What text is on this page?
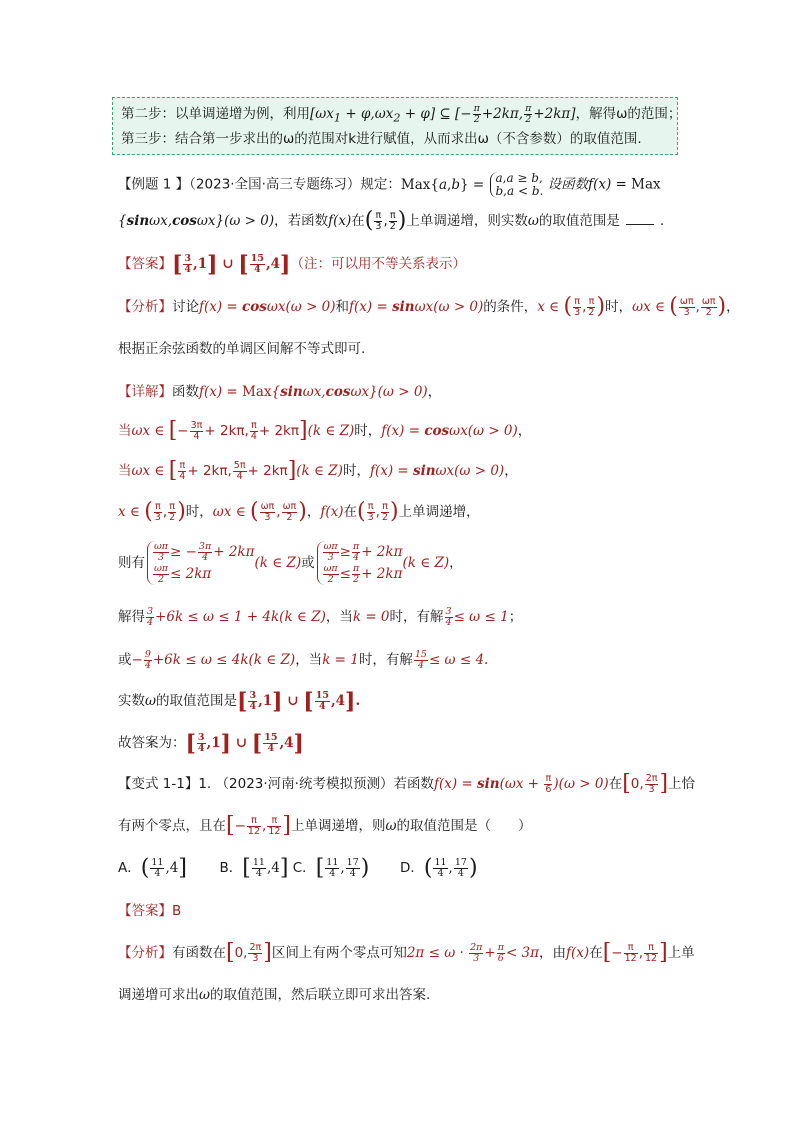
第二步：以单调递增为例，利用$[\omega x_1 + \varphi,\omega x_2 + \varphi]$ ⊆ [− $\frac{\pi}{2} +2k\pi$, $\frac{\pi}{2} +2k\pi$]，解得ω的范围；
第三步：结合第一步求出的ω的范围对k进行赋值，从而求出ω（不含参数）的取值范围.
【例题 1 】（2023·全国·高三专题练习）规定：Max{a,b} = a,a ≥ b,
b,a < b. 设函数f(x) = Max
{sinωx,cosωx}(ω > 0)，若函数f(x)在( $\frac{\pi}{3}$ , $\frac{\pi}{2}$ )上单调递增，则实数ω的取值范围是	.
【答案】[ $\frac{3}{4} ,1$] ∪ [ $\frac{15}{4} ,4$]（注：可以用不等关系表示）
【分析】讨论f(x) = cosωx(ω > 0)和f(x) = sinωx(ω > 0)的条件，x ∈ ( $\frac{\pi}{3}$ , $\frac{\pi}{2}$ )时，ωx ∈ ( $\frac{\omega\pi}{3}$ , $\frac{\omega\pi}{2}$ )，
根据正余弦函数的单调区间解不等式即可.
【详解】函数f(x) = Max{sinωx,cosωx}(ω > 0)，
当ωx ∈ [− $\frac{3\pi}{4} + 2k\pi$, $\frac{\pi}{4} + 2k\pi](k$ ∈ Z)时，f(x) = cosωx(ω > 0)，
当ωx ∈ [ $\frac{\pi}{4} + 2k\pi$, $\frac{5\pi}{4} + 2k\pi](k$ ∈ Z)时，f(x) = sinωx(ω > 0)，
x ∈ ( $\frac{\pi}{3}$ , $\frac{\pi}{2}$ )时，ωx ∈ ( $\frac{\omega\pi}{3}$ , $\frac{\omega\pi}{2}$ )，f(x)在( $\frac{\pi}{3}$ , $\frac{\pi}{2}$ )上单调递增，
则有 $\frac{\omega\pi}{3}$ ≥ − $\frac{3\pi}{4} + 2k\pi$
$\frac{\omega\pi}{2} \le 2k\pi$
(k ∈ Z)或 $\frac{\omega\pi}{3} \ge \frac{\pi}{4} + 2k\pi$
$\frac{\omega\pi}{2} \le \frac{\pi}{2} + 2k\pi$
(k ∈ Z)，
解得 $\frac{3}{4} +6k \le \omega \le 1 + 4k(k$ ∈ Z)，当k = 0时，有解 $\frac{3}{4} \le \omega \le 1$；
或− $\frac{9}{4} +6k \le \omega \le 4k(k$ ∈ Z)，当k = 1时，有解 $\frac{15}{4} \le \omega \le 4$.
实数ω的取值范围是[ $\frac{3}{4} ,1$] ∪ [ $\frac{15}{4} ,4$].
故答案为：[ $\frac{3}{4} ,1$] ∪ [ $\frac{15}{4} ,4$]
【变式 1-1】1. （2023·河南·统考模拟预测）若函数$f(x) = \sin(\omega x + \frac{\pi}{6} )(\omega > 0)$在[0, $\frac{2\pi}{3}$ ]上恰
有两个零点，且在[− $\frac{\pi}{12}$ , $\frac{\pi}{12}$ ]上单调递增，则ω的取值范围是（　　）
A．( $\frac{11}{4} ,4$] B．[ $\frac{11}{4} ,4$] C．[ $\frac{11}{4}$ , $\frac{17}{4}$ ) D．( $\frac{11}{4}$ , $\frac{17}{4}$ )
【答案】B
【分析】有函数在[0, $\frac{2\pi}{3}$ ]区间上有两个零点可知$2\pi \le \omega \cdot \frac{2\pi}{3} + \frac{\pi}{6} < 3\pi$，由f(x)在[− $\frac{\pi}{12}$ , $\frac{\pi}{12}$ ]上单
调递增可求出ω的取值范围，然后联立即可求出答案.
